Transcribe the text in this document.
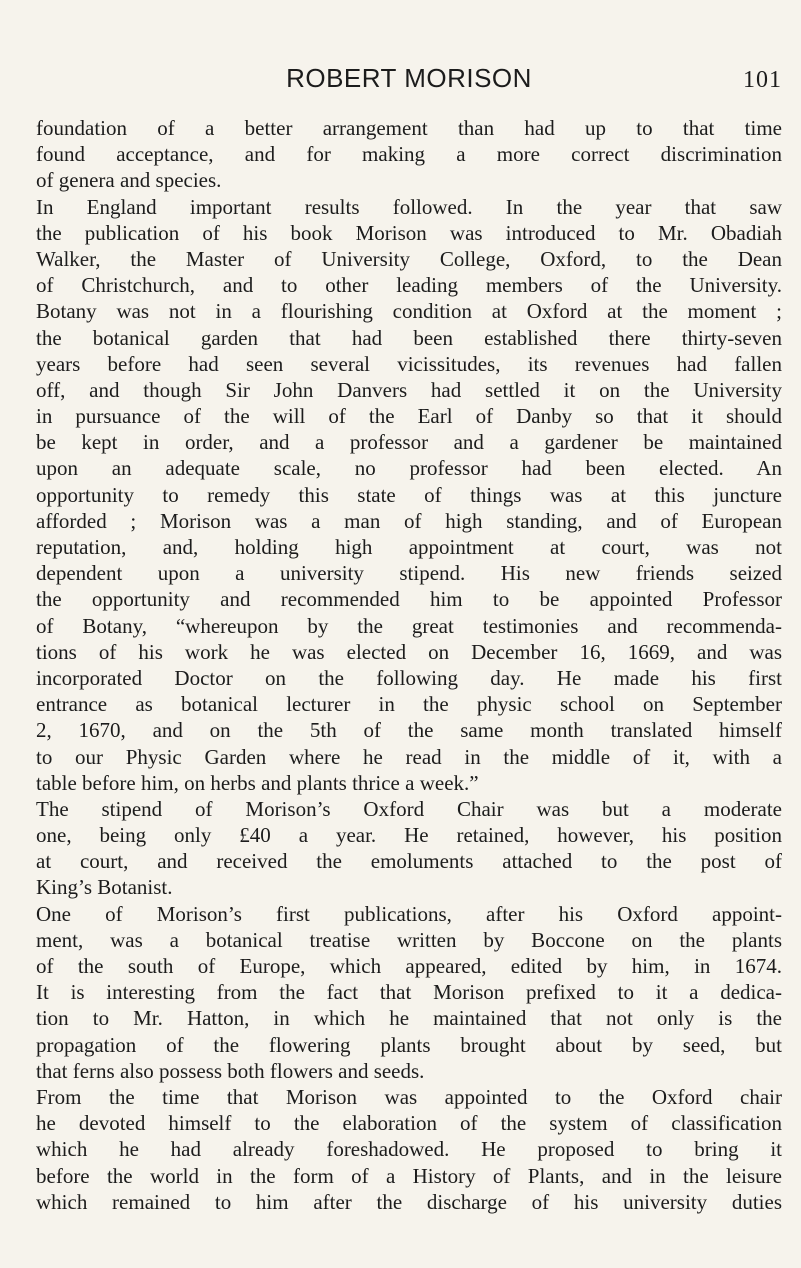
ROBERT MORISON	101
foundation of a better arrangement than had up to that time
found acceptance, and for making a more correct discrimination
of genera and species.
In England important results followed. In the year that saw
the publication of his book Morison was introduced to Mr. Obadiah
Walker, the Master of University College, Oxford, to the Dean
of Christchurch, and to other leading members of the University.
Botany was not in a flourishing condition at Oxford at the moment ;
the botanical garden that had been established there thirty-seven
years before had seen several vicissitudes, its revenues had fallen
off, and though Sir John Danvers had settled it on the University
in pursuance of the will of the Earl of Danby so that it should
be kept in order, and a professor and a gardener be maintained
upon an adequate scale, no professor had been elected. An
opportunity to remedy this state of things was at this juncture
afforded ; Morison was a man of high standing, and of European
reputation, and, holding high appointment at court, was not
dependent upon a university stipend. His new friends seized
the opportunity and recommended him to be appointed Professor
of Botany, “whereupon by the great testimonies and recommenda-
tions of his work he was elected on December 16, 1669, and was
incorporated Doctor on the following day. He made his first
entrance as botanical lecturer in the physic school on September
2, 1670, and on the 5th of the same month translated himself
to our Physic Garden where he read in the middle of it, with a
table before him, on herbs and plants thrice a week.”
The stipend of Morison’s Oxford Chair was but a moderate
one, being only £40 a year. He retained, however, his position
at court, and received the emoluments attached to the post of
King’s Botanist.
One of Morison’s first publications, after his Oxford appoint-
ment, was a botanical treatise written by Boccone on the plants
of the south of Europe, which appeared, edited by him, in 1674.
It is interesting from the fact that Morison prefixed to it a dedica-
tion to Mr. Hatton, in which he maintained that not only is the
propagation of the flowering plants brought about by seed, but
that ferns also possess both flowers and seeds.
From the time that Morison was appointed to the Oxford chair
he devoted himself to the elaboration of the system of classification
which he had already foreshadowed. He proposed to bring it
before the world in the form of a History of Plants, and in the leisure
which remained to him after the discharge of his university duties
